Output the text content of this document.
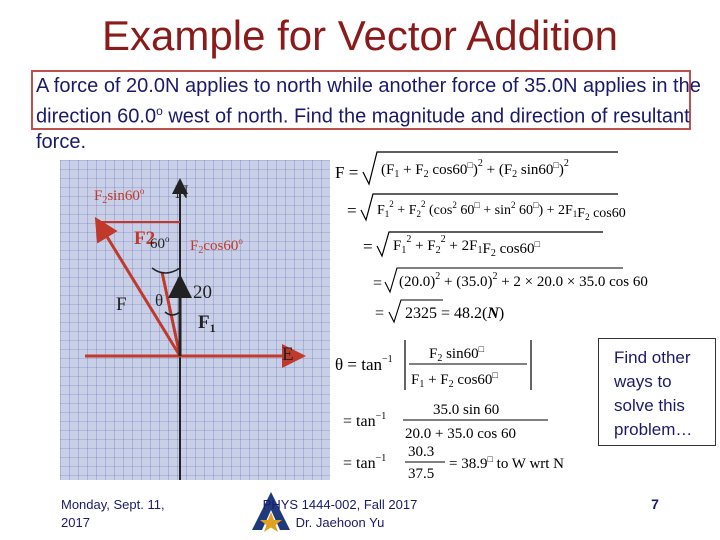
Example for Vector Addition
A force of 20.0N applies to north while another force of 35.0N applies in the direction 60.0$^o$ west of north. Find the magnitude and direction of resultant force.
$F_2\sin 60^o$ N
F2
60$^o$ $F_2\cos 60^o$
F θ 20
$F_1$
E
$F = (F_1 + F_2$ $\cos 60^□)^2 + (F_2$ sin60□)$^2$
= $F_1^2 + F_2^2$ ($\cos^2$ $60^□ + \sin^2 60^□) + 2F_1F_2$ cos60
= $F_1^2 + F_2^2 + 2F_1F_2$ cos60□
= $(20.0)^2 + (35.0)^2 + 2 \times 20.0 \times 35.0$ cos 60
= 2325 = 48.2(N)
$\theta = \tan^{-1} F_2$ sin60□
$F_1 + F_2$ cos60□
= $\tan^{-1}$	35.0 sin 60
20.0 + 35.0 cos 60
= $\tan^{-1} 30.3$
37.5
= 38.9□ to W wrt N
Find other ways to solve this problem…
Monday, Sept. 11,
2017
PHYS 1444-002, Fall 2017
Dr. Jaehoon Yu
7
